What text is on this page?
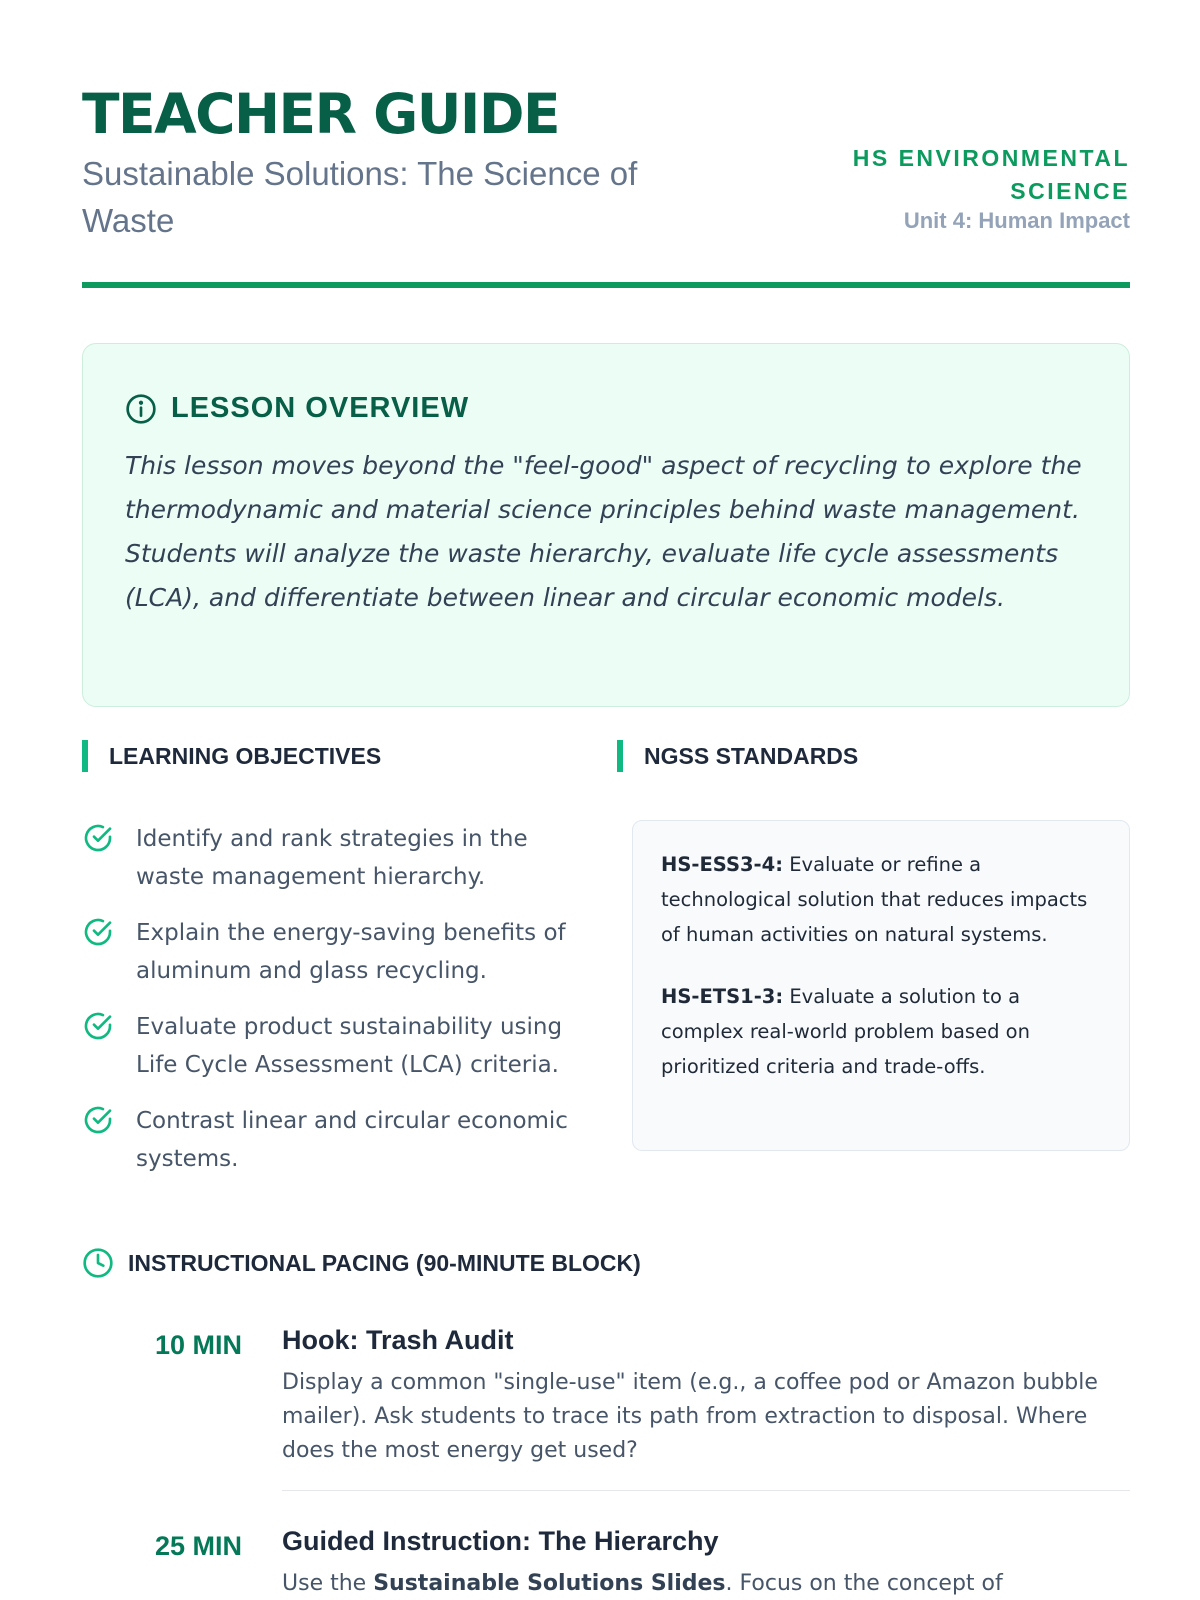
TEACHER GUIDE
Sustainable Solutions: The Science of Waste
HS ENVIRONMENTAL SCIENCE
Unit 4: Human Impact
LESSON OVERVIEW
This lesson moves beyond the "feel-good" aspect of recycling to explore the thermodynamic and material science principles behind waste management. Students will analyze the waste hierarchy, evaluate life cycle assessments (LCA), and differentiate between linear and circular economic models.
LEARNING OBJECTIVES	NGSS STANDARDS
Identify and rank strategies in the waste management hierarchy.
Explain the energy-saving benefits of aluminum and glass recycling.
Evaluate product sustainability using Life Cycle Assessment (LCA) criteria.
Contrast linear and circular economic systems.

HS-ESS3-4: Evaluate or refine a technological solution that reduces impacts of human activities on natural systems.

HS-ETS1-3: Evaluate a solution to a complex real-world problem based on prioritized criteria and trade-offs.

INSTRUCTIONAL PACING (90-MINUTE BLOCK)
10 MIN Hook: Trash Audit
Display a common "single-use" item (e.g., a coffee pod or Amazon bubble mailer). Ask students to trace its path from extraction to disposal. Where does the most energy get used?
25 MIN Guided Instruction: The Hierarchy
Use the Sustainable Solutions Slides. Focus on the concept of
